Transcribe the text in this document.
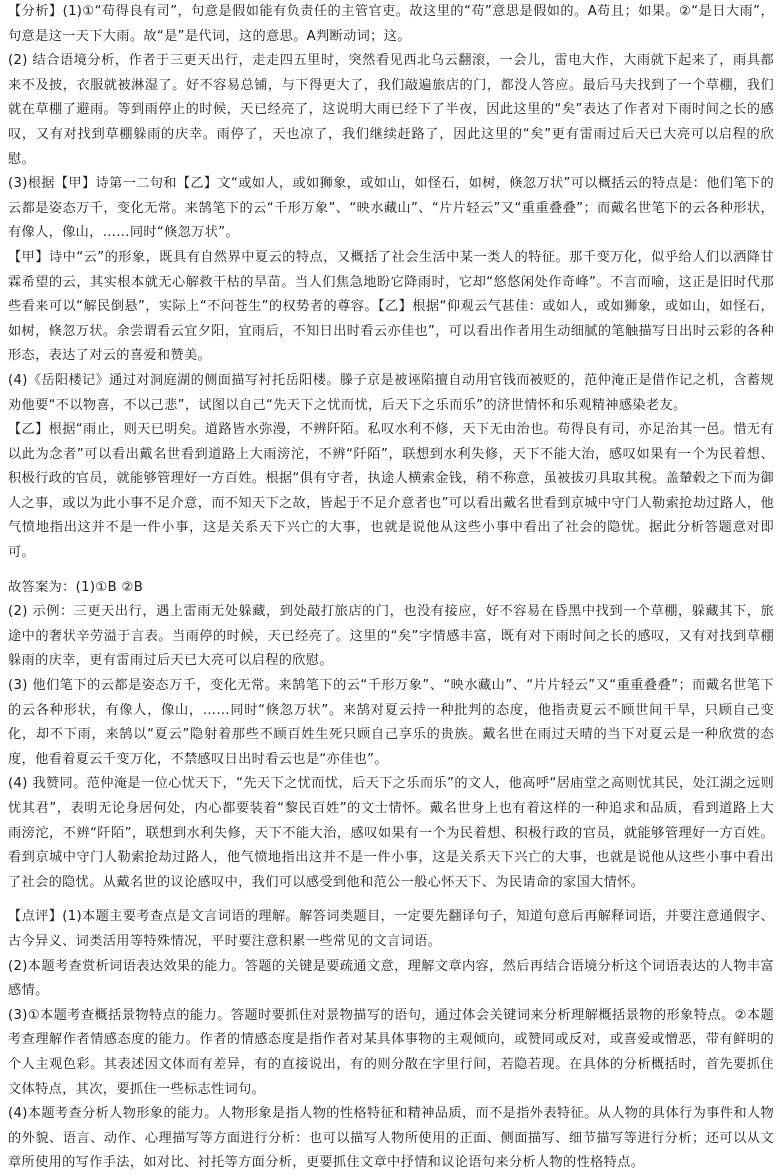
【分析】(1)①“苟得良有司”，句意是假如能有负责任的主管官吏。故这里的“苟”意思是假如的。A苟且；如果。②“是日大雨”，句意是这一天下大雨。故“是”是代词，这的意思。A判断动词；这。

(2) 结合语境分析，作者于三更天出行，走走四五里时，突然看见西北乌云翻滚，一会儿，雷电大作，大雨就下起来了，雨具都来不及披，衣服就被淋湿了。好不容易总铺，与下得更大了，我们敲遍旅店的门，都没人答应。最后马夫找到了一个草棚，我们就在草棚了避雨。等到雨停止的时候，天已经亮了，这说明大雨已经下了半夜，因此这里的“矣”表达了作者对下雨时间之长的感叹，又有对找到草棚躲雨的庆幸。雨停了，天也凉了，我们继续赶路了，因此这里的“矣”更有雷雨过后天已大亮可以启程的欣慰。

(3)根据【甲】诗第一二句和【乙】文“或如人，或如狮象，或如山，如怪石，如树，倏忽万状”可以概括云的特点是：他们笔下的云都是姿态万千，变化无常。来鹄笔下的云“千形万象”、“映水藏山”、“片片轻云”又“重重叠叠”；而戴名世笔下的云各种形状，有像人，像山，……同时“倏忽万状”。

【甲】诗中“云”的形象，既具有自然界中夏云的特点，又概括了社会生活中某一类人的特征。那千变万化，似乎给人们以洒降甘霖希望的云，其实根本就无心解救干枯的旱苗。当人们焦急地盼它降雨时，它却“悠悠闲处作奇峰”。不言而喻，这正是旧时代那些看来可以“解民倒悬”，实际上“不问苍生”的权势者的尊容。【乙】根据“仰观云气甚佳：或如人，或如狮象，或如山，如怪石，如树，倏忽万状。余尝谓看云宜夕阳，宜雨后，不知日出时看云亦佳也”，可以看出作者用生动细腻的笔触描写日出时云彩的各种形态，表达了对云的喜爱和赞美。

(4)《岳阳楼记》通过对洞庭湖的侧面描写衬托岳阳楼。滕子京是被诬陷擅自动用官钱而被贬的，范仲淹正是借作记之机，含蓄规劝他要“不以物喜，不以己悲”，试图以自己“先天下之忧而忧，后天下之乐而乐”的济世情怀和乐观精神感染老友。

【乙】根据“雨止，则天已明矣。道路皆水弥漫，不辨阡陌。私叹水利不修，天下无由治也。苟得良有司，亦足治其一邑。惜无有以此为念者”可以看出戴名世看到道路上大雨滂沱，不辨“阡陌”，联想到水利失修，天下不能大治，感叹如果有一个为民着想、积极行政的官员，就能够管理好一方百姓。根据“俱有守者，执途人横索金钱，稍不称意，虽被拔刃具取其稅。盖輦毂之下而为御人之事，或以为此小事不足介意，而不知天下之故，皆起于不足介意者也”可以看出戴名世看到京城中守门人勒索抢劫过路人，他气愤地指出这并不是一件小事，这是关系天下兴亡的大事，也就是说他从这些小事中看出了社会的隐忧。据此分析答题意对即可。

故答案为：(1)①B ②B

(2) 示例：三更天出行，遇上雷雨无处躲藏，到处敲打旅店的门，也没有接应，好不容易在昏黑中找到一个草棚，躲藏其下，旅途中的奢状辛劳溢于言表。当雨停的时候，天已经亮了。这里的“矣”字情感丰富，既有对下雨时间之长的感叹，又有对找到草棚躲雨的庆幸，更有雷雨过后天已大亮可以启程的欣慰。

(3) 他们笔下的云都是姿态万千，变化无常。来鹄笔下的云“千形万象”、“映水藏山”、“片片轻云”又“重重叠叠”；而戴名世笔下的云各种形状，有像人，像山，……同时“倏忽万状”。来鹄对夏云持一种批判的态度，他指责夏云不顾世间干旱，只顾自己变化，却不下雨，来鹄以“夏云”隐射着那些不顾百姓生死只顾自己享乐的贵族。戴名世在雨过天晴的当下对夏云是一种欣赏的态度，他看着夏云千变万化，不禁感叹日出时看云也是“亦佳也”。

(4) 我赞同。范仲淹是一位心忧天下，“先天下之忧而忧，后天下之乐而乐”的文人，他高呼“居庙堂之高则忧其民，处江湖之远则忧其君”，表明无论身居何处，内心都要装着“黎民百姓”的文士情怀。戴名世身上也有着这样的一种追求和品质，看到道路上大雨滂沱，不辨“阡陌”，联想到水利失修，天下不能大治，感叹如果有一个为民着想、积极行政的官员，就能够管理好一方百姓。看到京城中守门人勒索抢劫过路人，他气愤地指出这并不是一件小事，这是关系天下兴亡的大事，也就是说他从这些小事中看出了社会的隐忧。从戴名世的议论感叹中，我们可以感受到他和范公一般心怀天下、为民请命的家国大情怀。

【点评】(1)本题主要考查点是文言词语的理解。解答词类题目，一定要先翻译句子，知道句意后再解释词语，并要注意通假字、古今异义、词类活用等特殊情况，平时要注意积累一些常见的文言词语。

(2)本题考查赏析词语表达效果的能力。答题的关键是要疏通文意，理解文章内容，然后再结合语境分析这个词语表达的人物丰富感情。

(3)①本题考查概括景物特点的能力。答题时要抓住对景物描写的语句，通过体会关键词来分析理解概括景物的形象特点。②本题考查理解作者情感态度的能力。作者的情感态度是指作者对某具体事物的主观倾向，或赞同或反对，或喜爱或憎恶，带有鲜明的个人主观色彩。其表述因文体而有差异，有的直接说出，有的则分散在字里行间，若隐若现。在具体的分析概括时，首先要抓住文体特点，其次，要抓住一些标志性词句。

(4)本题考查分析人物形象的能力。人物形象是指人物的性格特征和精神品质，而不是指外表特征。从人物的具体行为事件和人物的外貌、语言、动作、心理描写等方面进行分析：也可以描写人物所使用的正面、侧面描写、细节描写等进行分析；还可以从文章所使用的写作手法，如对比、衬托等方面分析，更要抓住文章中抒情和议论语句来分析人物的性格特点。
